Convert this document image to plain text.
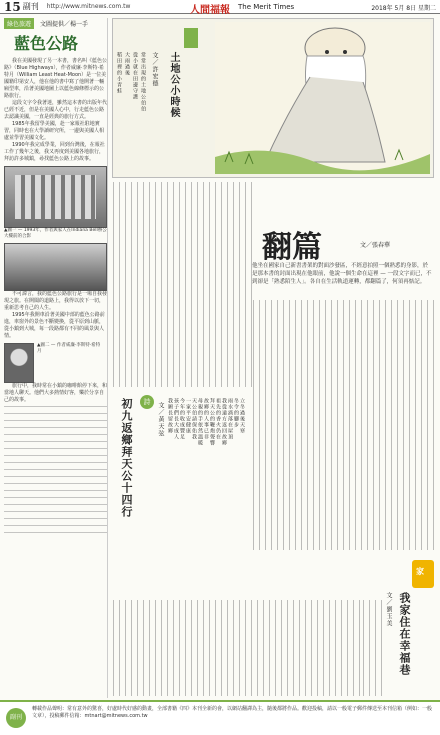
15 副刊 http://www.mitnews.com.tw	人間福報 The Merit Times	2018年 5月 8日 星期二
綠色旅遊	文圖提供／楊一手
藍色公路

我在美國發現了另一本書，書名叫《藍色公路》（Blue Highways），作者威廉·李斯特·希特月（William Least Heat-Moon）是一位美國籍印第安人，他在他的書中寫了他開著一輛廂型車，沿著美國地圖上以藍色線條標示的公路旅行。

這段文字令我著迷，雖然這本書的出版年代已經不近，但是在美國人心中，行走藍色公路去認識美國，一直是經典的旅行方式。

1985年我留學美國，赴一家報社駐地實習，同時也在大學讀研究所，一邊與美國人相處並學習美國文化。

1990年我完成學業，回到台灣後，在報社工作了幾年之後，我又再度到美國各地旅行，拜訪許多城鎮，尋找藍色公路上的故事。

▲圖一 — 1993年，作者與家人在Indiana Bell辦公大樓前的合影

不可諱言，我的藍色公路旅行是一場自我發現之旅。在開闊的道路上，我得以放下一切，重新思考自己的人生。

1995年我開車沿著美國中部的藍色公路前進，車窗外的景色不斷變換，從平原到山脈，從小鎮到大城，每一段路都有不同的風景與人情。

▲圖二 — 作者威廉·李斯特·希特月

旅行中，我時常在小鎮的咖啡館停下來，和當地人聊天。他們大多熱情好客，樂於分享自己的故事。

土地公小時候
文／許宏德
常常出現的土地公伯伯
從小就在田邊守護
大雨過後
稻田裡的小青蛙
翻篇	文／張春華
他坐在國家自己新書書架的對面沙發區，不經意拍照一個熟悉的身影，於是那本書的封面出現在他眼前，他說一個生命在這裡 — 一段文字而已，不到卻是「熟悉陌生人」。各自在生活軌道運轉，都翻篇了，何須再惦記。
詩
初九返鄉拜天公十四行	文／黃天弦	立冬過後天寒
冬令的腳步
雨水滴落在屋頂
我從遠方返回故鄉
祖先的香火仍在
拜天公的鞭炮聲響
故鄉的人事已非
母親的手依然溫暖
天公伯請保佑我
一家平安健康
今年的收成豐足
孩子們長大成人
我願長留故鄉
家
我家住在幸福巷
文／劉玉美
副刊
轉載作品聲明：常有意外的驚喜，好處時代好感的動畫，全部書籍《四》本刊全新的會，以網站翻譯為主，隨後都將作品。歡迎投稿，請以一般電子郵件傳送至本刊信箱（例如：一般文章），投稿郵件信箱：mtnart@mitnews.com.tw
